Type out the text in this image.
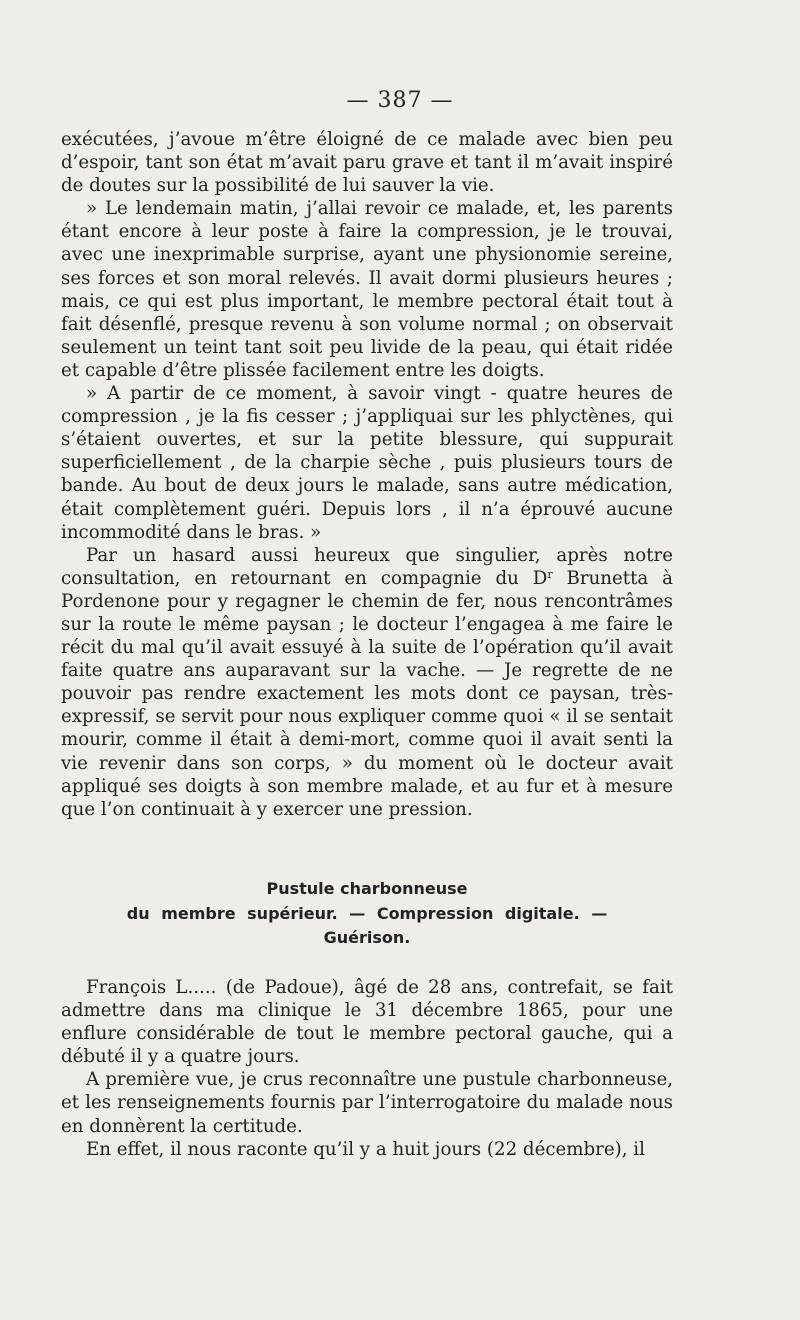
— 387 —

exécutées, j’avoue m’être éloigné de ce malade avec bien peu d’espoir, tant son état m’avait paru grave et tant il m’avait inspiré de doutes sur la possibilité de lui sauver la vie.

» Le lendemain matin, j’allai revoir ce malade, et, les parents étant encore à leur poste à faire la compression, je le trouvai, avec une inexprimable surprise, ayant une physionomie sereine, ses forces et son moral relevés. Il avait dormi plusieurs heures ; mais, ce qui est plus important, le membre pectoral était tout à fait désenflé, presque revenu à son volume normal ; on observait seulement un teint tant soit peu livide de la peau, qui était ridée et capable d’être plissée facilement entre les doigts.

» A partir de ce moment, à savoir vingt - quatre heures de compression , je la fis cesser ; j’appliquai sur les phlyctènes, qui s’étaient ouvertes, et sur la petite blessure, qui suppurait superficiellement , de la charpie sèche , puis plusieurs tours de bande. Au bout de deux jours le malade, sans autre médication, était complètement guéri. Depuis lors , il n’a éprouvé aucune incommodité dans le bras. »

Par un hasard aussi heureux que singulier, après notre consultation, en retournant en compagnie du $D^r$ Brunetta à Pordenone pour y regagner le chemin de fer, nous rencontrâmes sur la route le même paysan ; le docteur l’engagea à me faire le récit du mal qu’il avait essuyé à la suite de l’opération qu’il avait faite quatre ans auparavant sur la vache. — Je regrette de ne pouvoir pas rendre exactement les mots dont ce paysan, très-expressif, se servit pour nous expliquer comme quoi « il se sentait mourir, comme il était à demi-mort, comme quoi il avait senti la vie revenir dans son corps, » du moment où le docteur avait appliqué ses doigts à son membre malade, et au fur et à mesure que l’on continuait à y exercer une pression.

Pustule charbonneuse
du membre supérieur. — Compression digitale. —
Guérison.

François L..... (de Padoue), âgé de 28 ans, contrefait, se fait admettre dans ma clinique le 31 décembre 1865, pour une enflure considérable de tout le membre pectoral gauche, qui a débuté il y a quatre jours.

A première vue, je crus reconnaître une pustule charbonneuse, et les renseignements fournis par l’interrogatoire du malade nous en donnèrent la certitude.

En effet, il nous raconte qu’il y a huit jours (22 décembre), il
